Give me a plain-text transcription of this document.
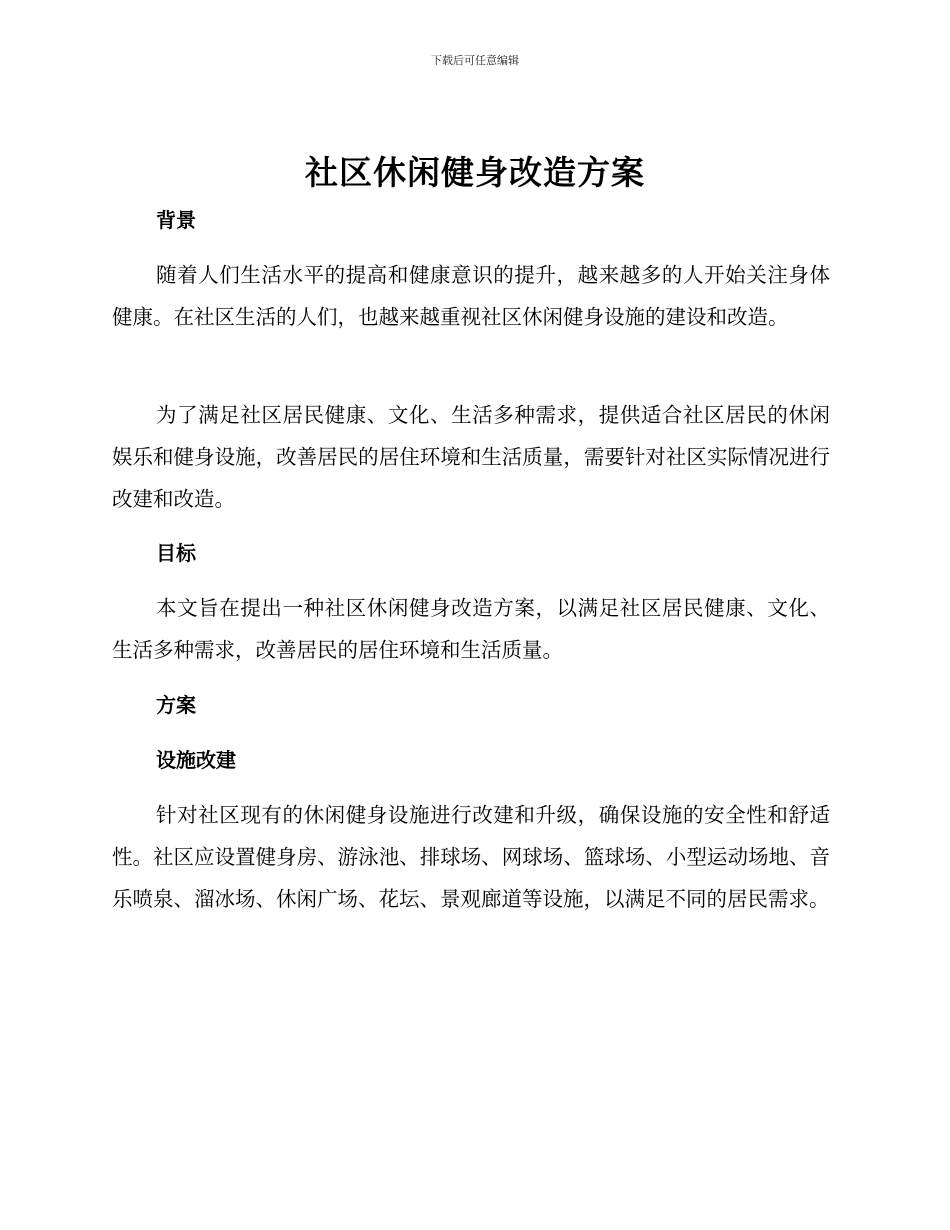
下载后可任意编辑
社区休闲健身改造方案
背景

随着人们生活水平的提高和健康意识的提升，越来越多的人开始关注身体健康。在社区生活的人们，也越来越重视社区休闲健身设施的建设和改造。

为了满足社区居民健康、文化、生活多种需求，提供适合社区居民的休闲娱乐和健身设施，改善居民的居住环境和生活质量，需要针对社区实际情况进行改建和改造。

目标

本文旨在提出一种社区休闲健身改造方案，以满足社区居民健康、文化、生活多种需求，改善居民的居住环境和生活质量。

方案
设施改建

针对社区现有的休闲健身设施进行改建和升级，确保设施的安全性和舒适性。社区应设置健身房、游泳池、排球场、网球场、篮球场、小型运动场地、音乐喷泉、溜冰场、休闲广场、花坛、景观廊道等设施，以满足不同的居民需求。
